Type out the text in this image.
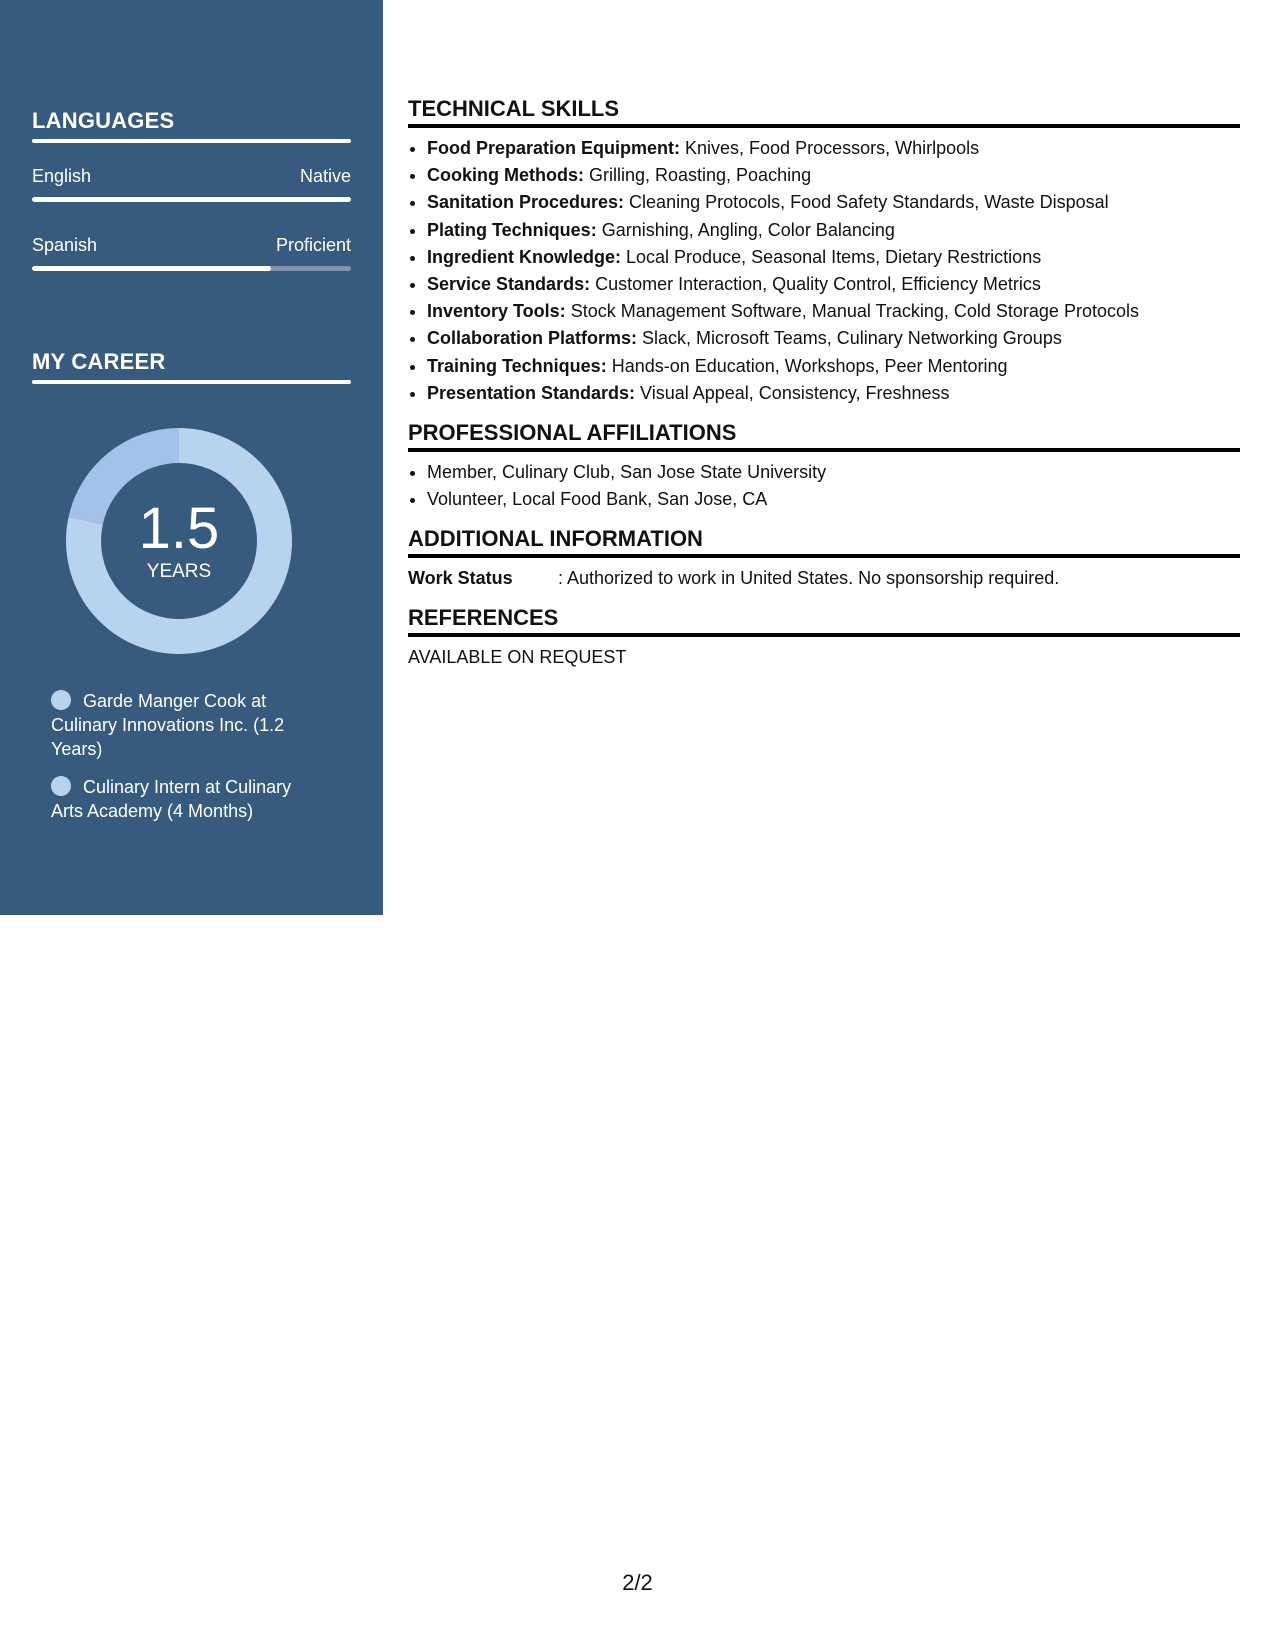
LANGUAGES
English	Native
Spanish	Proficient
MY CAREER
1.5
YEARS
Garde Manger Cook at Culinary Innovations Inc. (1.2 Years)
Culinary Intern at Culinary Arts Academy (4 Months)
TECHNICAL SKILLS
• Food Preparation Equipment: Knives, Food Processors, Whirlpools
• Cooking Methods: Grilling, Roasting, Poaching
• Sanitation Procedures: Cleaning Protocols, Food Safety Standards, Waste Disposal
• Plating Techniques: Garnishing, Angling, Color Balancing
• Ingredient Knowledge: Local Produce, Seasonal Items, Dietary Restrictions
• Service Standards: Customer Interaction, Quality Control, Efficiency Metrics
• Inventory Tools: Stock Management Software, Manual Tracking, Cold Storage Protocols
• Collaboration Platforms: Slack, Microsoft Teams, Culinary Networking Groups
• Training Techniques: Hands-on Education, Workshops, Peer Mentoring
• Presentation Standards: Visual Appeal, Consistency, Freshness
PROFESSIONAL AFFILIATIONS
• Member, Culinary Club, San Jose State University
• Volunteer, Local Food Bank, San Jose, CA
ADDITIONAL INFORMATION
Work Status	: Authorized to work in United States. No sponsorship required.
REFERENCES
AVAILABLE ON REQUEST
2/2
